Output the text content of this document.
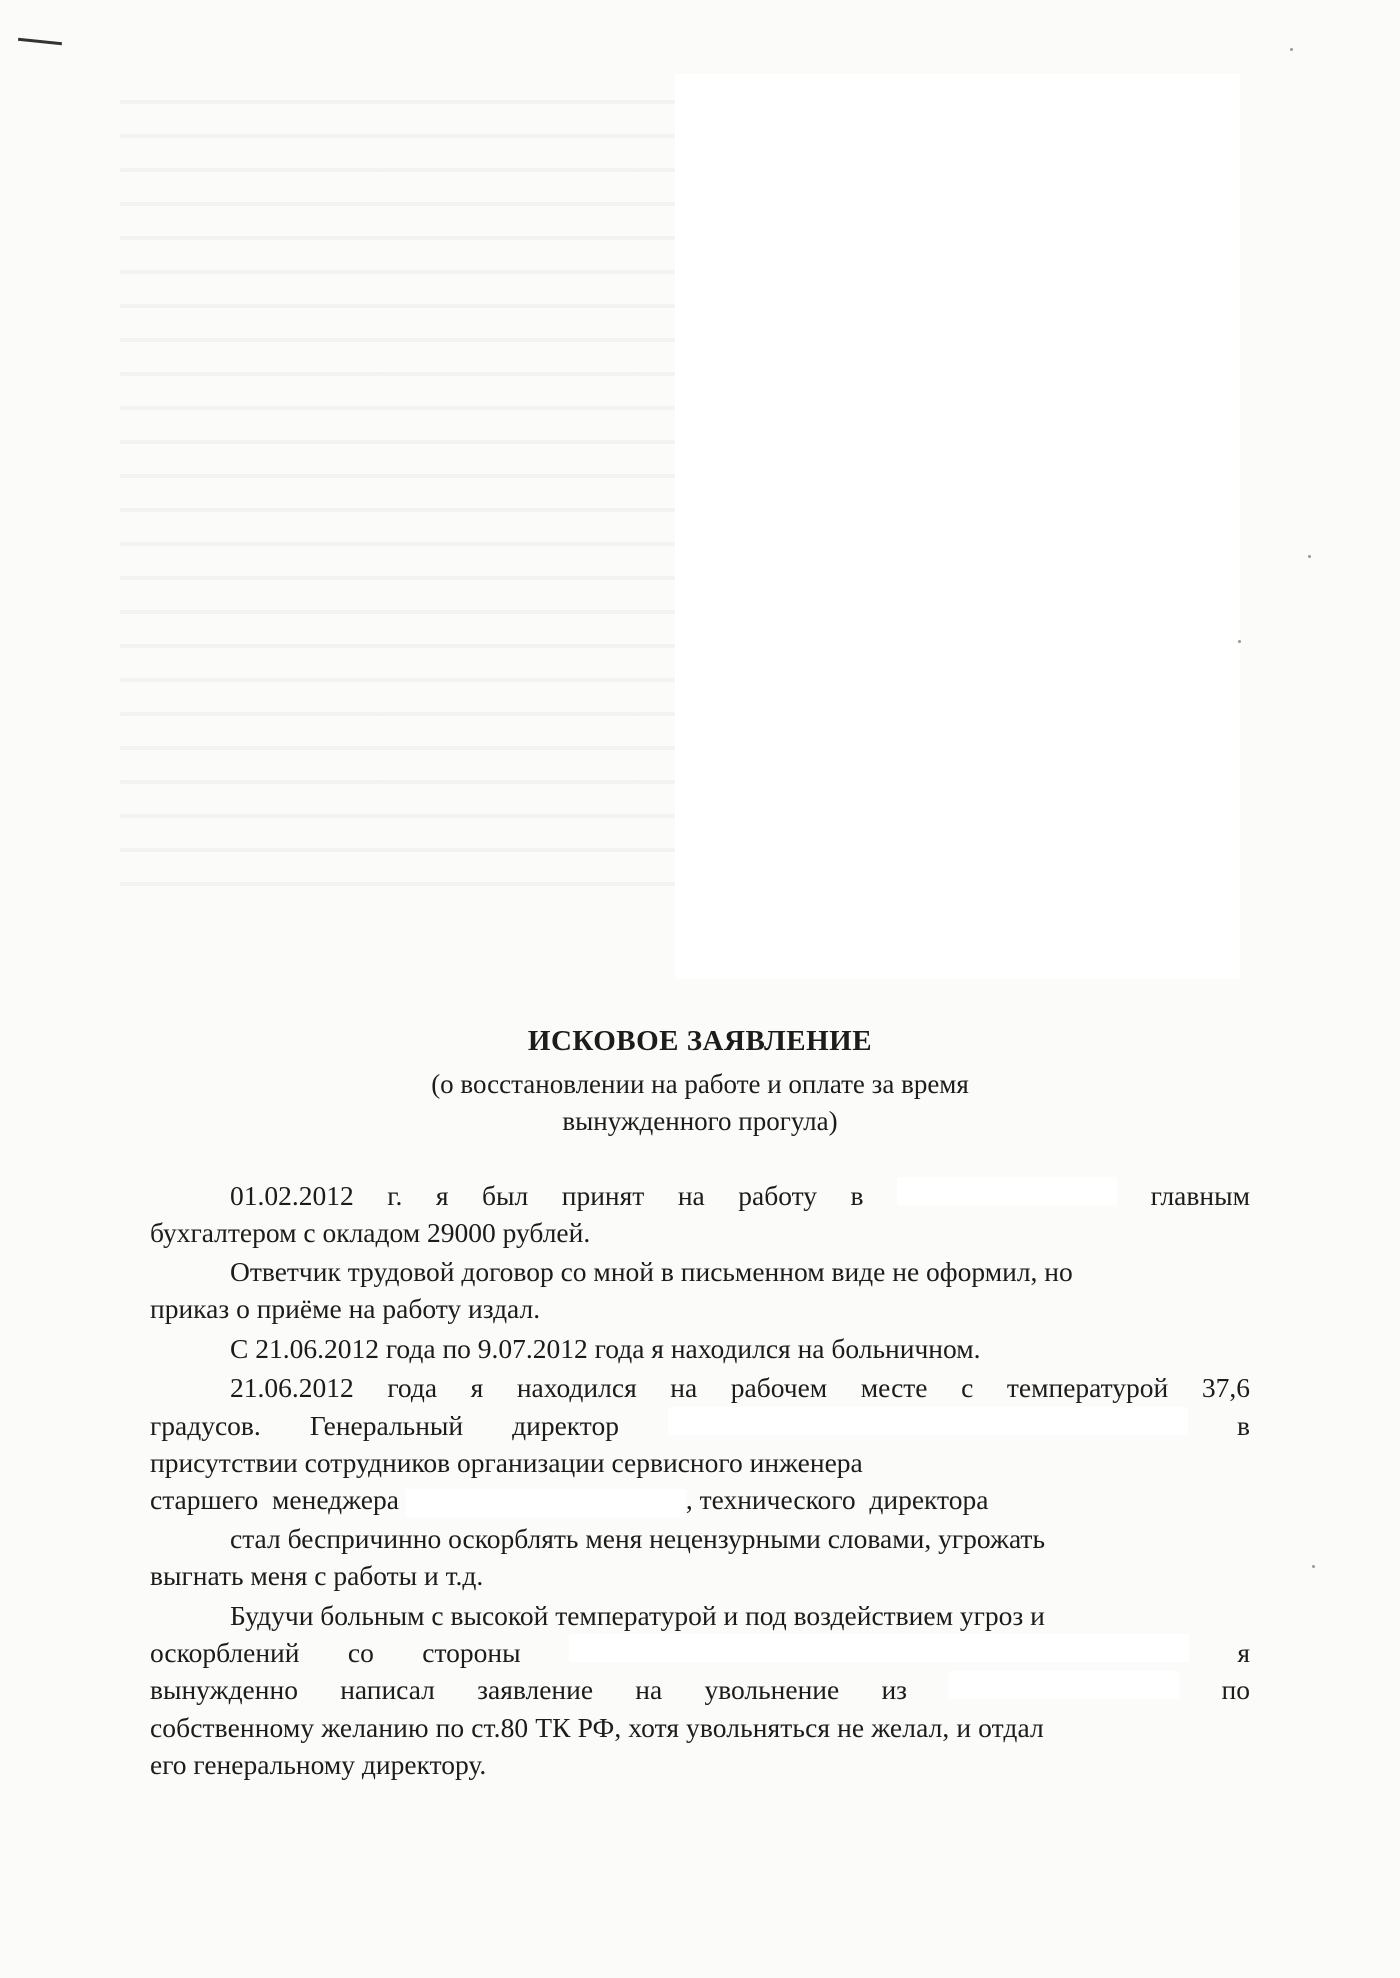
ИСКОВОЕ ЗАЯВЛЕНИЕ
(о восстановлении на работе и оплате за время
вынужденного прогула)
01.02.2012 г. я был принят на работу в	главным
бухгалтером с окладом 29000 рублей.
Ответчик трудовой договор со мной в письменном виде не оформил, но
приказ о приёме на работу издал.
С 21.06.2012 года по 9.07.2012 года я находился на больничном.
21.06.2012 года я находился на рабочем месте с температурой 37,6
градусов. Генеральный директор	в
присутствии сотрудников организации сервисного инженера
старшего менеджера	, технического директора
стал беспричинно оскорблять меня нецензурными словами, угрожать
выгнать меня с работы и т.д.
Будучи больным с высокой температурой и под воздействием угроз и
оскорблений со стороны	я
вынужденно написал заявление на увольнение из	по
собственному желанию по ст.80 ТК РФ, хотя увольняться не желал, и отдал
его генеральному директору.
